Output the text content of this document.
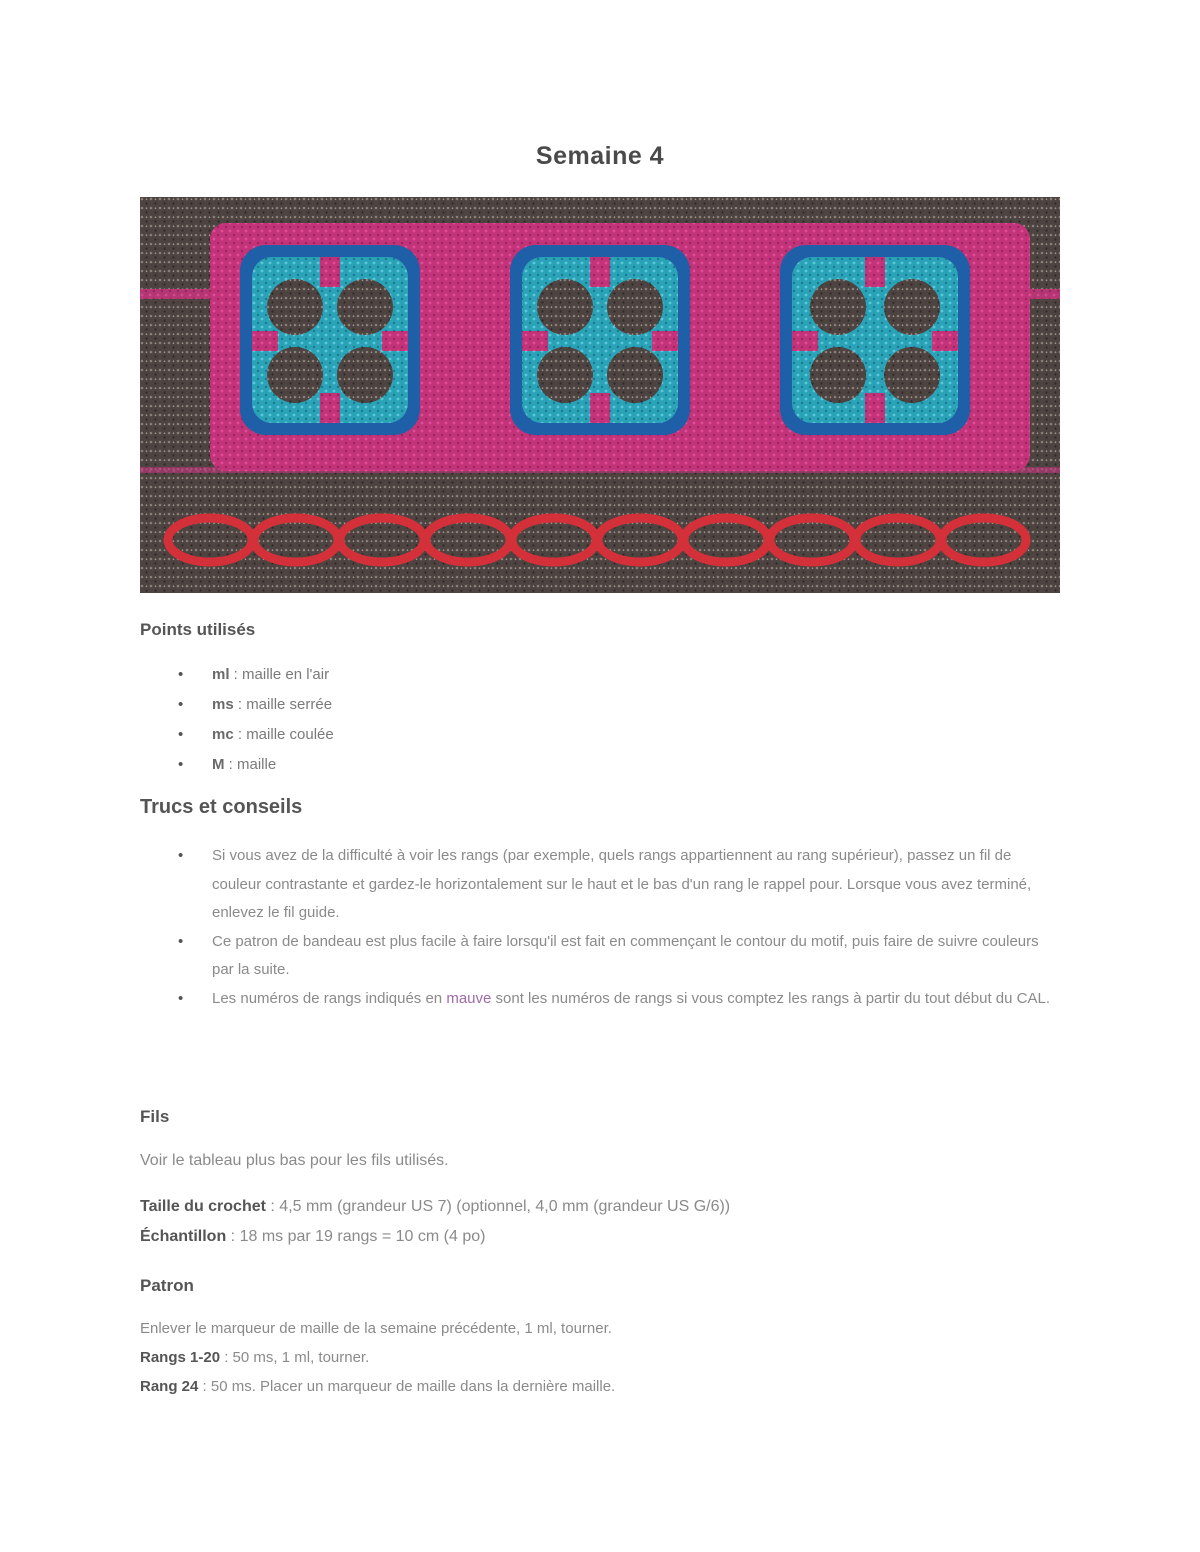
Semaine 4
Points utilisés
• ml : maille en l'air
• ms : maille serrée
• mc : maille coulée
• M : maille
Trucs et conseils
• Si vous avez de la difficulté à voir les rangs (par exemple, quels rangs appartiennent au rang supérieur), passez un fil de couleur contrastante et gardez-le horizontalement sur le haut et le bas d'un rang le rappel pour. Lorsque vous avez terminé, enlevez le fil guide.
• Ce patron de bandeau est plus facile à faire lorsqu'il est fait en commençant le contour du motif, puis faire de suivre couleurs par la suite.
• Les numéros de rangs indiqués en mauve sont les numéros de rangs si vous comptez les rangs à partir du tout début du CAL.
Fils
Voir le tableau plus bas pour les fils utilisés.
Taille du crochet : 4,5 mm (grandeur US 7) (optionnel, 4,0 mm (grandeur US G/6))
Échantillon : 18 ms par 19 rangs = 10 cm (4 po)
Patron
Enlever le marqueur de maille de la semaine précédente, 1 ml, tourner.
Rangs 1-20 : 50 ms, 1 ml, tourner.
Rang 24 : 50 ms. Placer un marqueur de maille dans la dernière maille.
